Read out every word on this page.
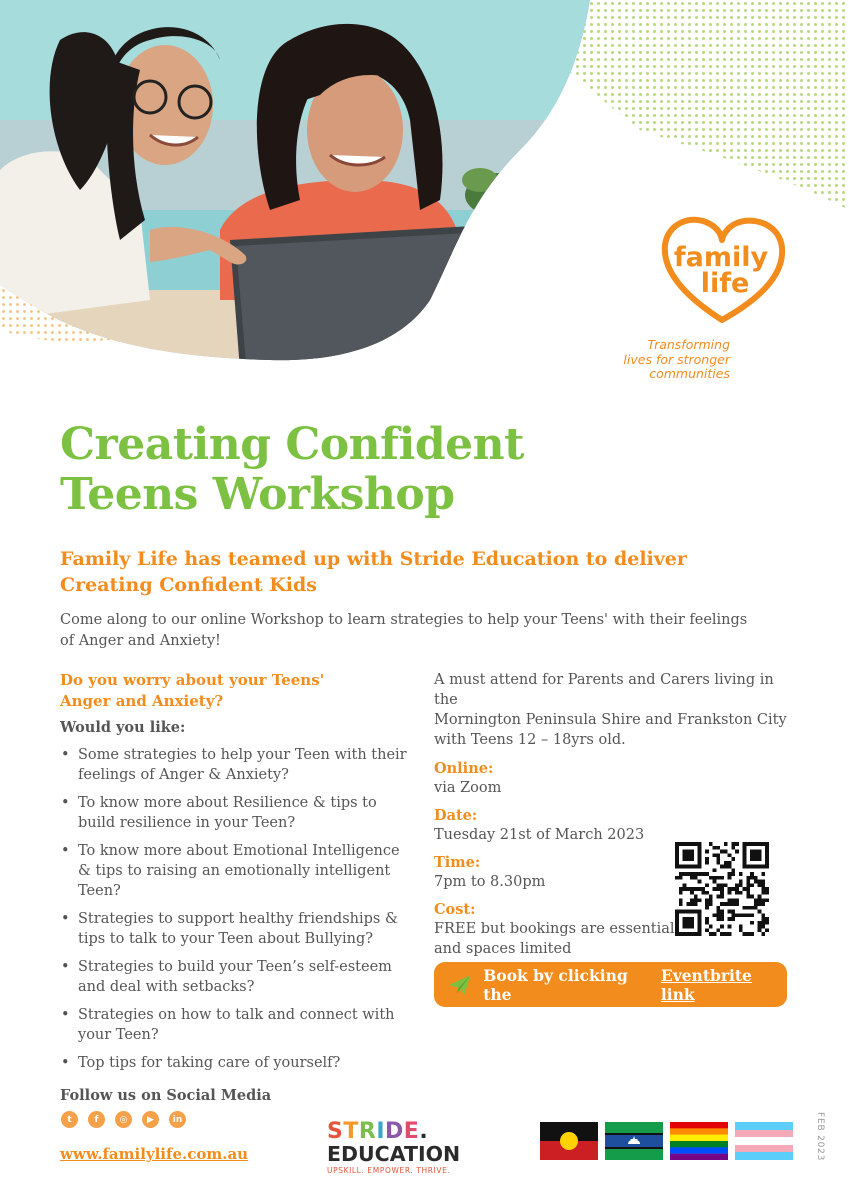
family
life
Transforming
lives for stronger
communities
Creating Confident
Teens Workshop
Family Life has teamed up with Stride Education to deliver
Creating Confident Kids

Come along to our online Workshop to learn strategies to help your Teens' with their feelings
of Anger and Anxiety!

Do you worry about your Teens'
Anger and Anxiety?
Would you like:
• Some strategies to help your Teen with their feelings of Anger & Anxiety?
• To know more about Resilience & tips to build resilience in your Teen?
• To know more about Emotional Intelligence & tips to raising an emotionally intelligent Teen?
• Strategies to support healthy friendships & tips to talk to your Teen about Bullying?
• Strategies to build your Teen’s self-esteem and deal with setbacks?
• Strategies on how to talk and connect with your Teen?
• Top tips for taking care of yourself?

A must attend for Parents and Carers living in the
Mornington Peninsula Shire and Frankston City
with Teens 12 – 18yrs old.

Online:
via Zoom
Date:
Tuesday 21st of March 2023
Time:
7pm to 8.30pm
Cost:
FREE but bookings are essential
and spaces limited
Book by clicking the
Eventbrite link
Follow us on Social Media
t	f	◎	▶	in
www.familylife.com.au
STRIDE.
EDUCATION
UPSKILL. EMPOWER. THRIVE.
FEB 2023
